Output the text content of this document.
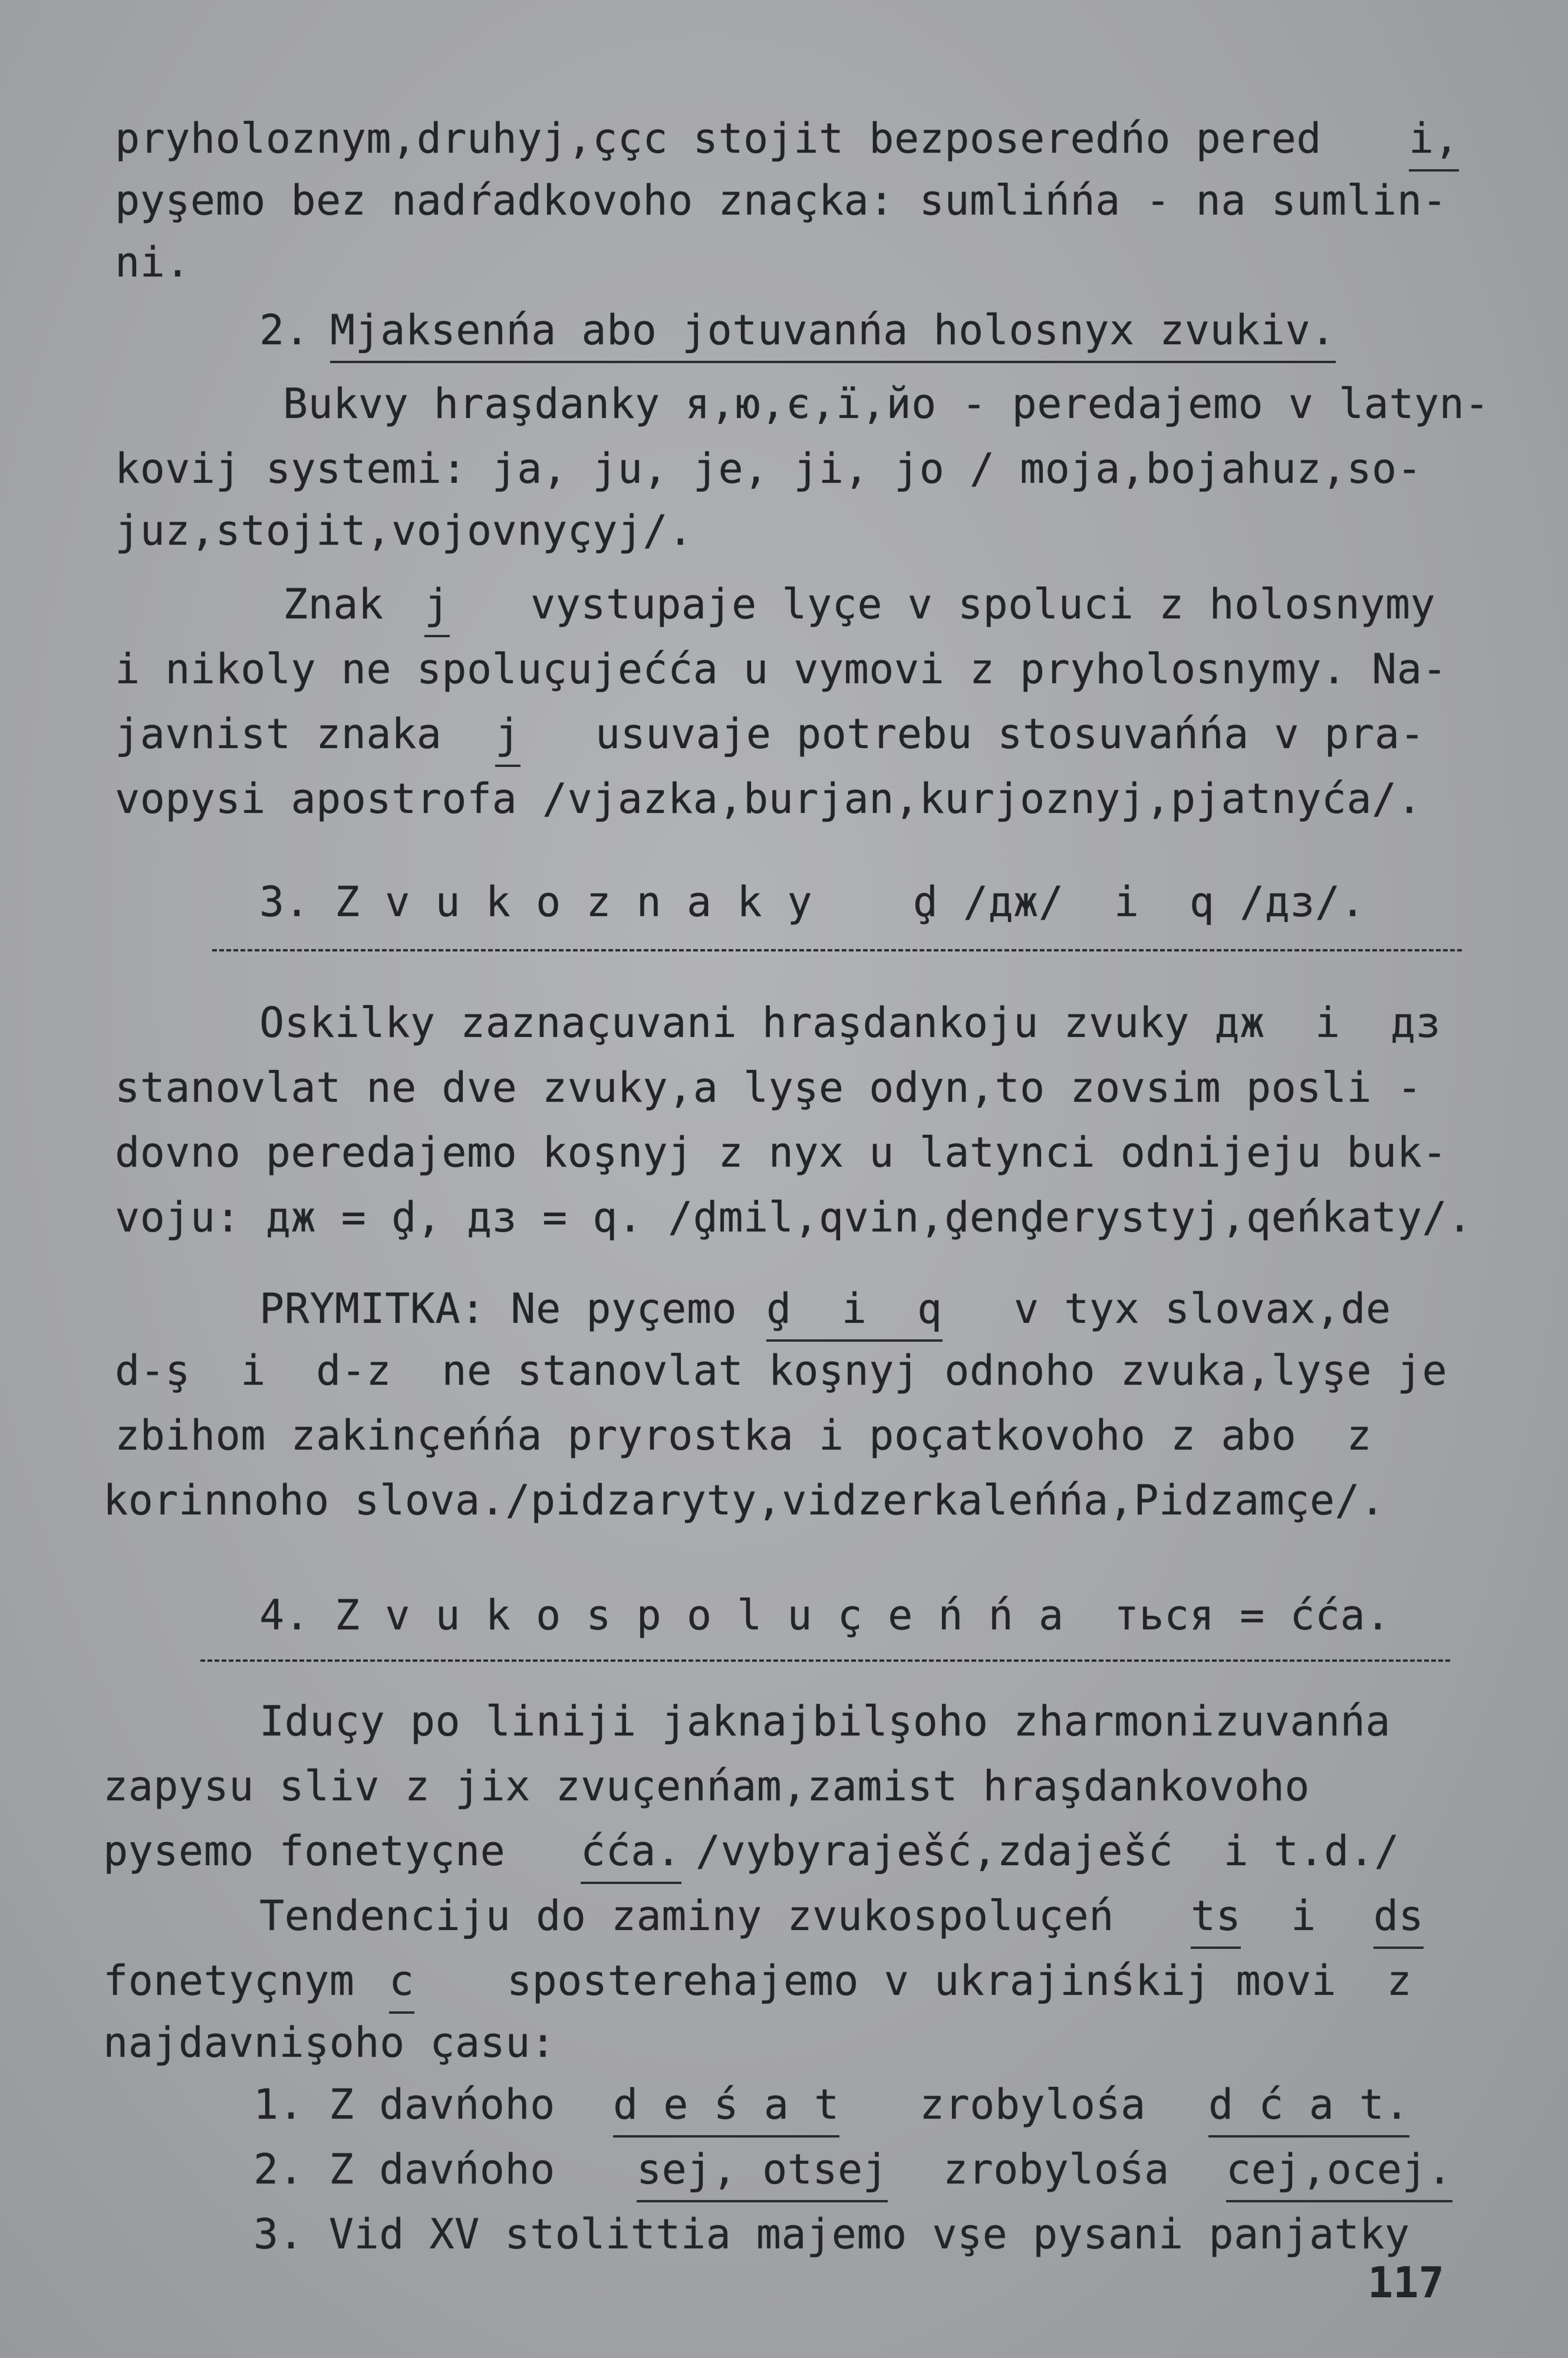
pryholoznym,druhyj,ççc stojit bezposeredńo pered

i,

pyşemo bez nadŕadkovoho znaçka: sumlińńa - na sumlin-

ni.

2.

Mjaksenńa abo jotuvanńa holosnyx zvukiv.

Bukvy hraşdanky я,ю,є,ї,йо - peredajemo v latyn-

kovij systemi: ja, ju, je, ji, jo / moja,bojahuz,so-

juz,stojit,vojovnyçyj/.

Znak

j

vystupaje lyçe v spoluci z holosnymy

i nikoly ne spoluçujećća u vymovi z pryholosnymy. Na-

javnist znaka

j

usuvaje potrebu stosuvańńa v pra-

vopysi apostrofa /vjazka,burjan,kurjoznyj,pjatnyća/.

3. Z v u k o z n a k y    ḑ /дж/  i  q /дз/.

Oskilky zaznaçuvani hraşdankoju zvuky дж  i  дз

stanovlat ne dve zvuky,a lyşe odyn,to zovsim posli -

dovno peredajemo koşnyj z nyx u latynci odnijeju buk-

voju: дж = ḑ, дз = q. /ḑmil,qvin,ḑenḑerystyj,qeńkaty/.

PRYMITKA: Ne pyçemo

ḑ  i  q

v tyx slovax,de

d-ş  i  d-z  ne stanovlat koşnyj odnoho zvuka,lyşe je

zbihom zakinçeńńa pryrostka i poçatkovoho z abo  z

korinnoho slova./pidzaryty,vidzerkaleńńa,Pidzamçe/.

4. Z v u k o s p o l u ç e ń ń a  ться = ćća.

Iduçy po liniji jaknajbilşoho zharmonizuvanńa

zapysu sliv z jix zvuçenńam,zamist hraşdankovoho

pysemo fonetyçne

ćća.

/vybyraješć,zdaješć  i t.d./

Tendenciju do zaminy zvukospoluçeń

ts

i

ds

fonetyçnym

c

sposterehajemo v ukrajinśkij movi  z

najdavnişoho çasu:

1. Z davńoho

d e ś a t

zrobylośa

d ć a t.

2. Z davńoho

sej, otsej

zrobylośa

cej,ocej.

3. Vid XV stolittia majemo vşe pysani panjatky

117
